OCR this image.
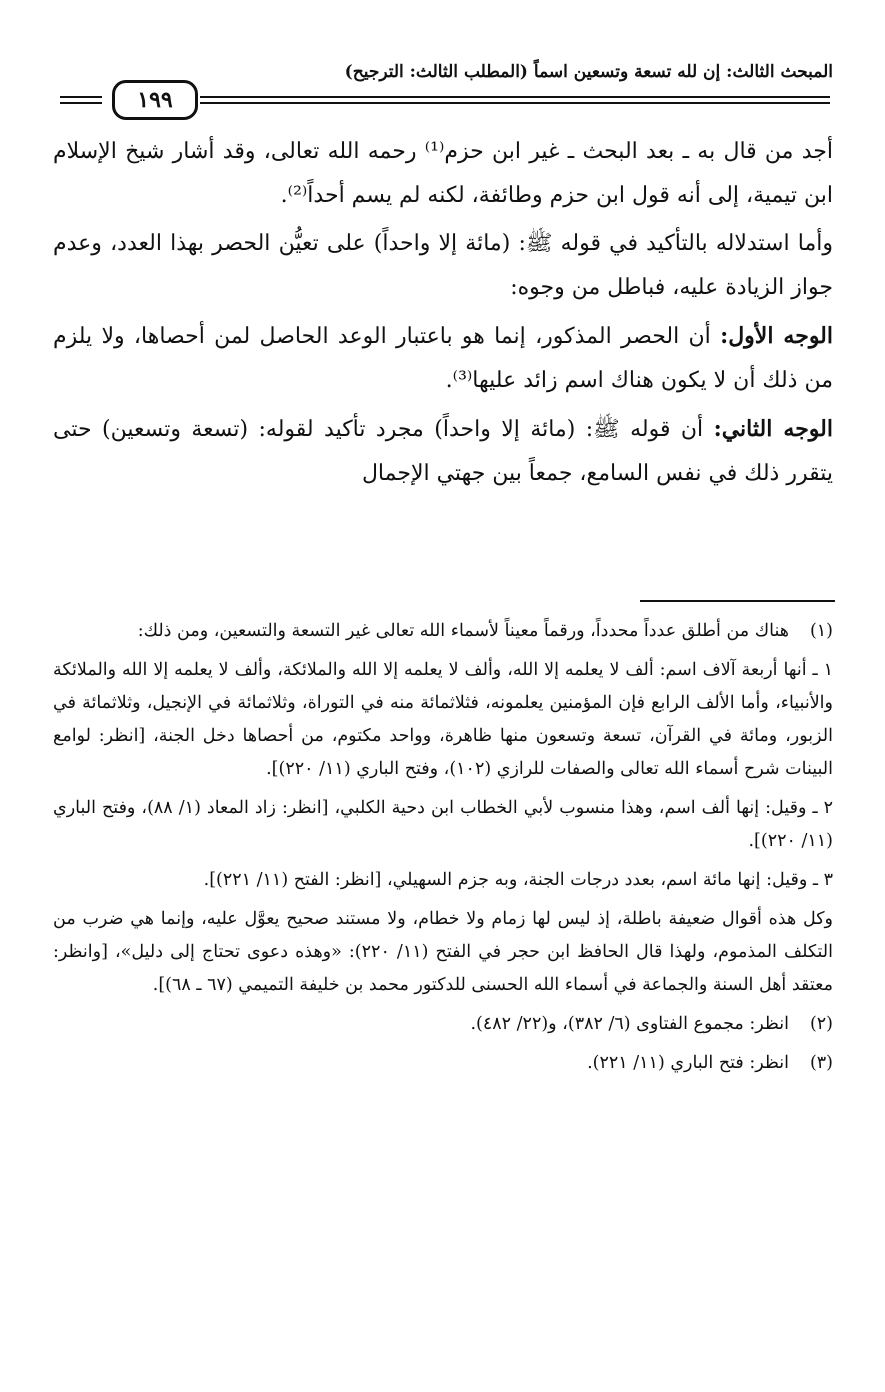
المبحث الثالث: إن لله تسعة وتسعين اسماً (المطلب الثالث: الترجيح)
١٩٩

أجد من قال به ـ بعد البحث ـ غير ابن حزم⁽¹⁾ رحمه الله تعالى، وقد أشار شيخ الإسلام ابن تيمية، إلى أنه قول ابن حزم وطائفة، لكنه لم يسم أحداً⁽²⁾.

وأما استدلاله بالتأكيد في قوله ﷺ: (مائة إلا واحداً) على تعيُّن الحصر بهذا العدد، وعدم جواز الزيادة عليه، فباطل من وجوه:

الوجه الأول: أن الحصر المذكور، إنما هو باعتبار الوعد الحاصل لمن أحصاها، ولا يلزم من ذلك أن لا يكون هناك اسم زائد عليها⁽³⁾.

الوجه الثاني: أن قوله ﷺ: (مائة إلا واحداً) مجرد تأكيد لقوله: (تسعة وتسعين) حتى يتقرر ذلك في نفس السامع، جمعاً بين جهتي الإجمال

(١)هناك من أطلق عدداً محدداً، ورقماً معيناً لأسماء الله تعالى غير التسعة والتسعين، ومن ذلك:

١ ـ أنها أربعة آلاف اسم: ألف لا يعلمه إلا الله، وألف لا يعلمه إلا الله والملائكة، وألف لا يعلمه إلا الله والملائكة والأنبياء، وأما الألف الرابع فإن المؤمنين يعلمونه، فثلاثمائة منه في التوراة، وثلاثمائة في الإنجيل، وثلاثمائة في الزبور، ومائة في القرآن، تسعة وتسعون منها ظاهرة، وواحد مكتوم، من أحصاها دخل الجنة، [انظر: لوامع البينات شرح أسماء الله تعالى والصفات للرازي (١٠٢)، وفتح الباري (١١/ ٢٢٠)].

٢ ـ وقيل: إنها ألف اسم، وهذا منسوب لأبي الخطاب ابن دحية الكلبي، [انظر: زاد المعاد (١/ ٨٨)، وفتح الباري (١١/ ٢٢٠)].

٣ ـ وقيل: إنها مائة اسم، بعدد درجات الجنة، وبه جزم السهيلي، [انظر: الفتح (١١/ ٢٢١)].

وكل هذه أقوال ضعيفة باطلة، إذ ليس لها زمام ولا خطام، ولا مستند صحيح يعوَّل عليه، وإنما هي ضرب من التكلف المذموم، ولهذا قال الحافظ ابن حجر في الفتح (١١/ ٢٢٠): «وهذه دعوى تحتاج إلى دليل»، [وانظر: معتقد أهل السنة والجماعة في أسماء الله الحسنى للدكتور محمد بن خليفة التميمي (٦٧ ـ ٦٨)].

(٢)انظر: مجموع الفتاوى (٦/ ٣٨٢)، و(٢٢/ ٤٨٢).

(٣)انظر: فتح الباري (١١/ ٢٢١).
